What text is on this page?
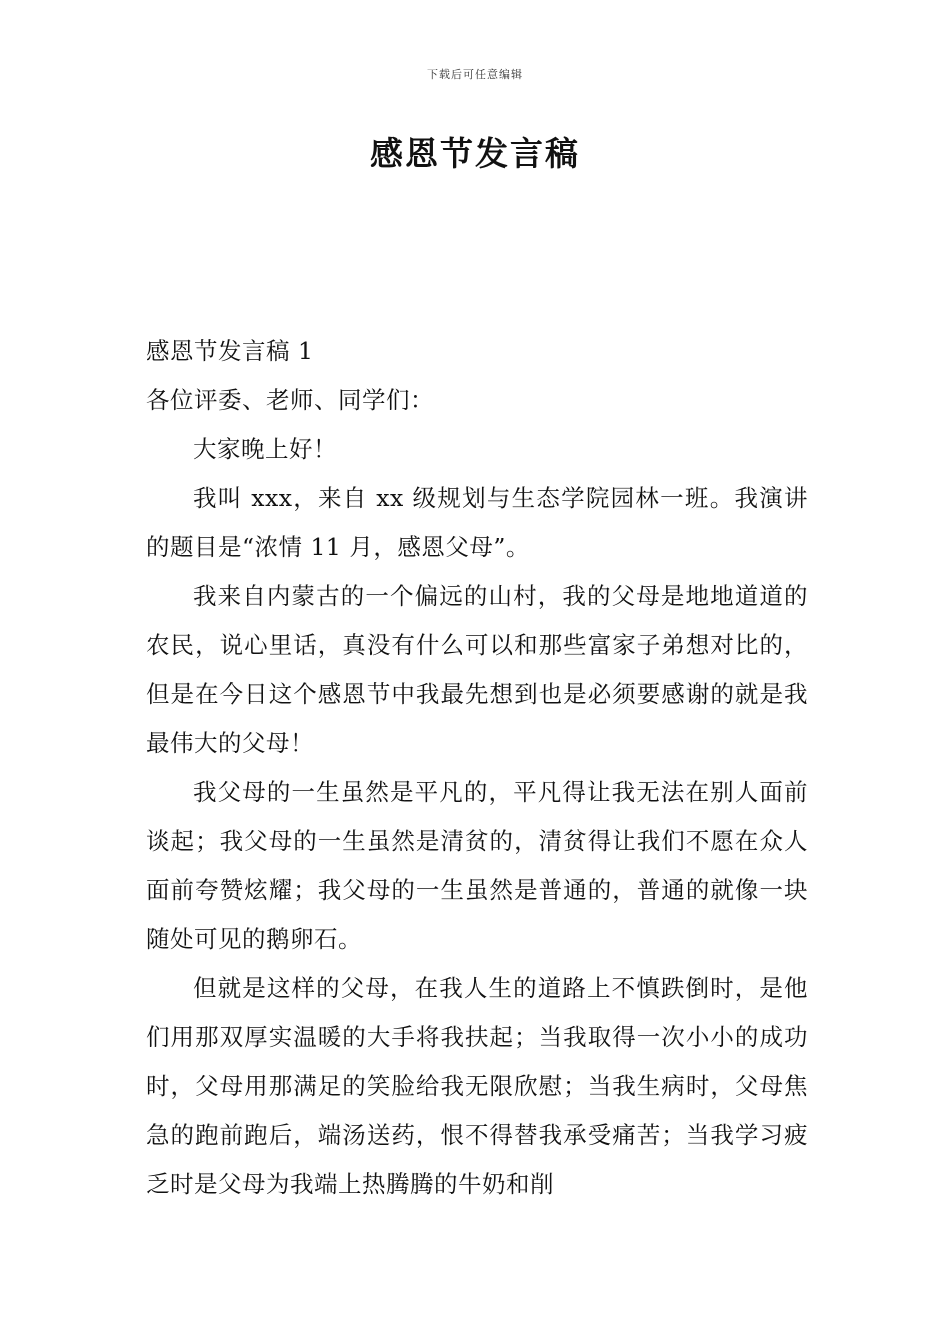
下载后可任意编辑
感恩节发言稿

感恩节发言稿 1

各位评委、老师、同学们：

大家晚上好！

我叫 xxx，来自 xx 级规划与生态学院园林一班。我演讲的题目是“浓情 11 月，感恩父母”。

我来自内蒙古的一个偏远的山村，我的父母是地地道道的农民，说心里话，真没有什么可以和那些富家子弟想对比的，但是在今日这个感恩节中我最先想到也是必须要感谢的就是我最伟大的父母！

我父母的一生虽然是平凡的，平凡得让我无法在别人面前谈起；我父母的一生虽然是清贫的，清贫得让我们不愿在众人面前夸赞炫耀；我父母的一生虽然是普通的，普通的就像一块随处可见的鹅卵石。

但就是这样的父母，在我人生的道路上不慎跌倒时，是他们用那双厚实温暖的大手将我扶起；当我取得一次小小的成功时，父母用那满足的笑脸给我无限欣慰；当我生病时，父母焦急的跑前跑后，端汤送药，恨不得替我承受痛苦；当我学习疲乏时是父母为我端上热腾腾的牛奶和削
